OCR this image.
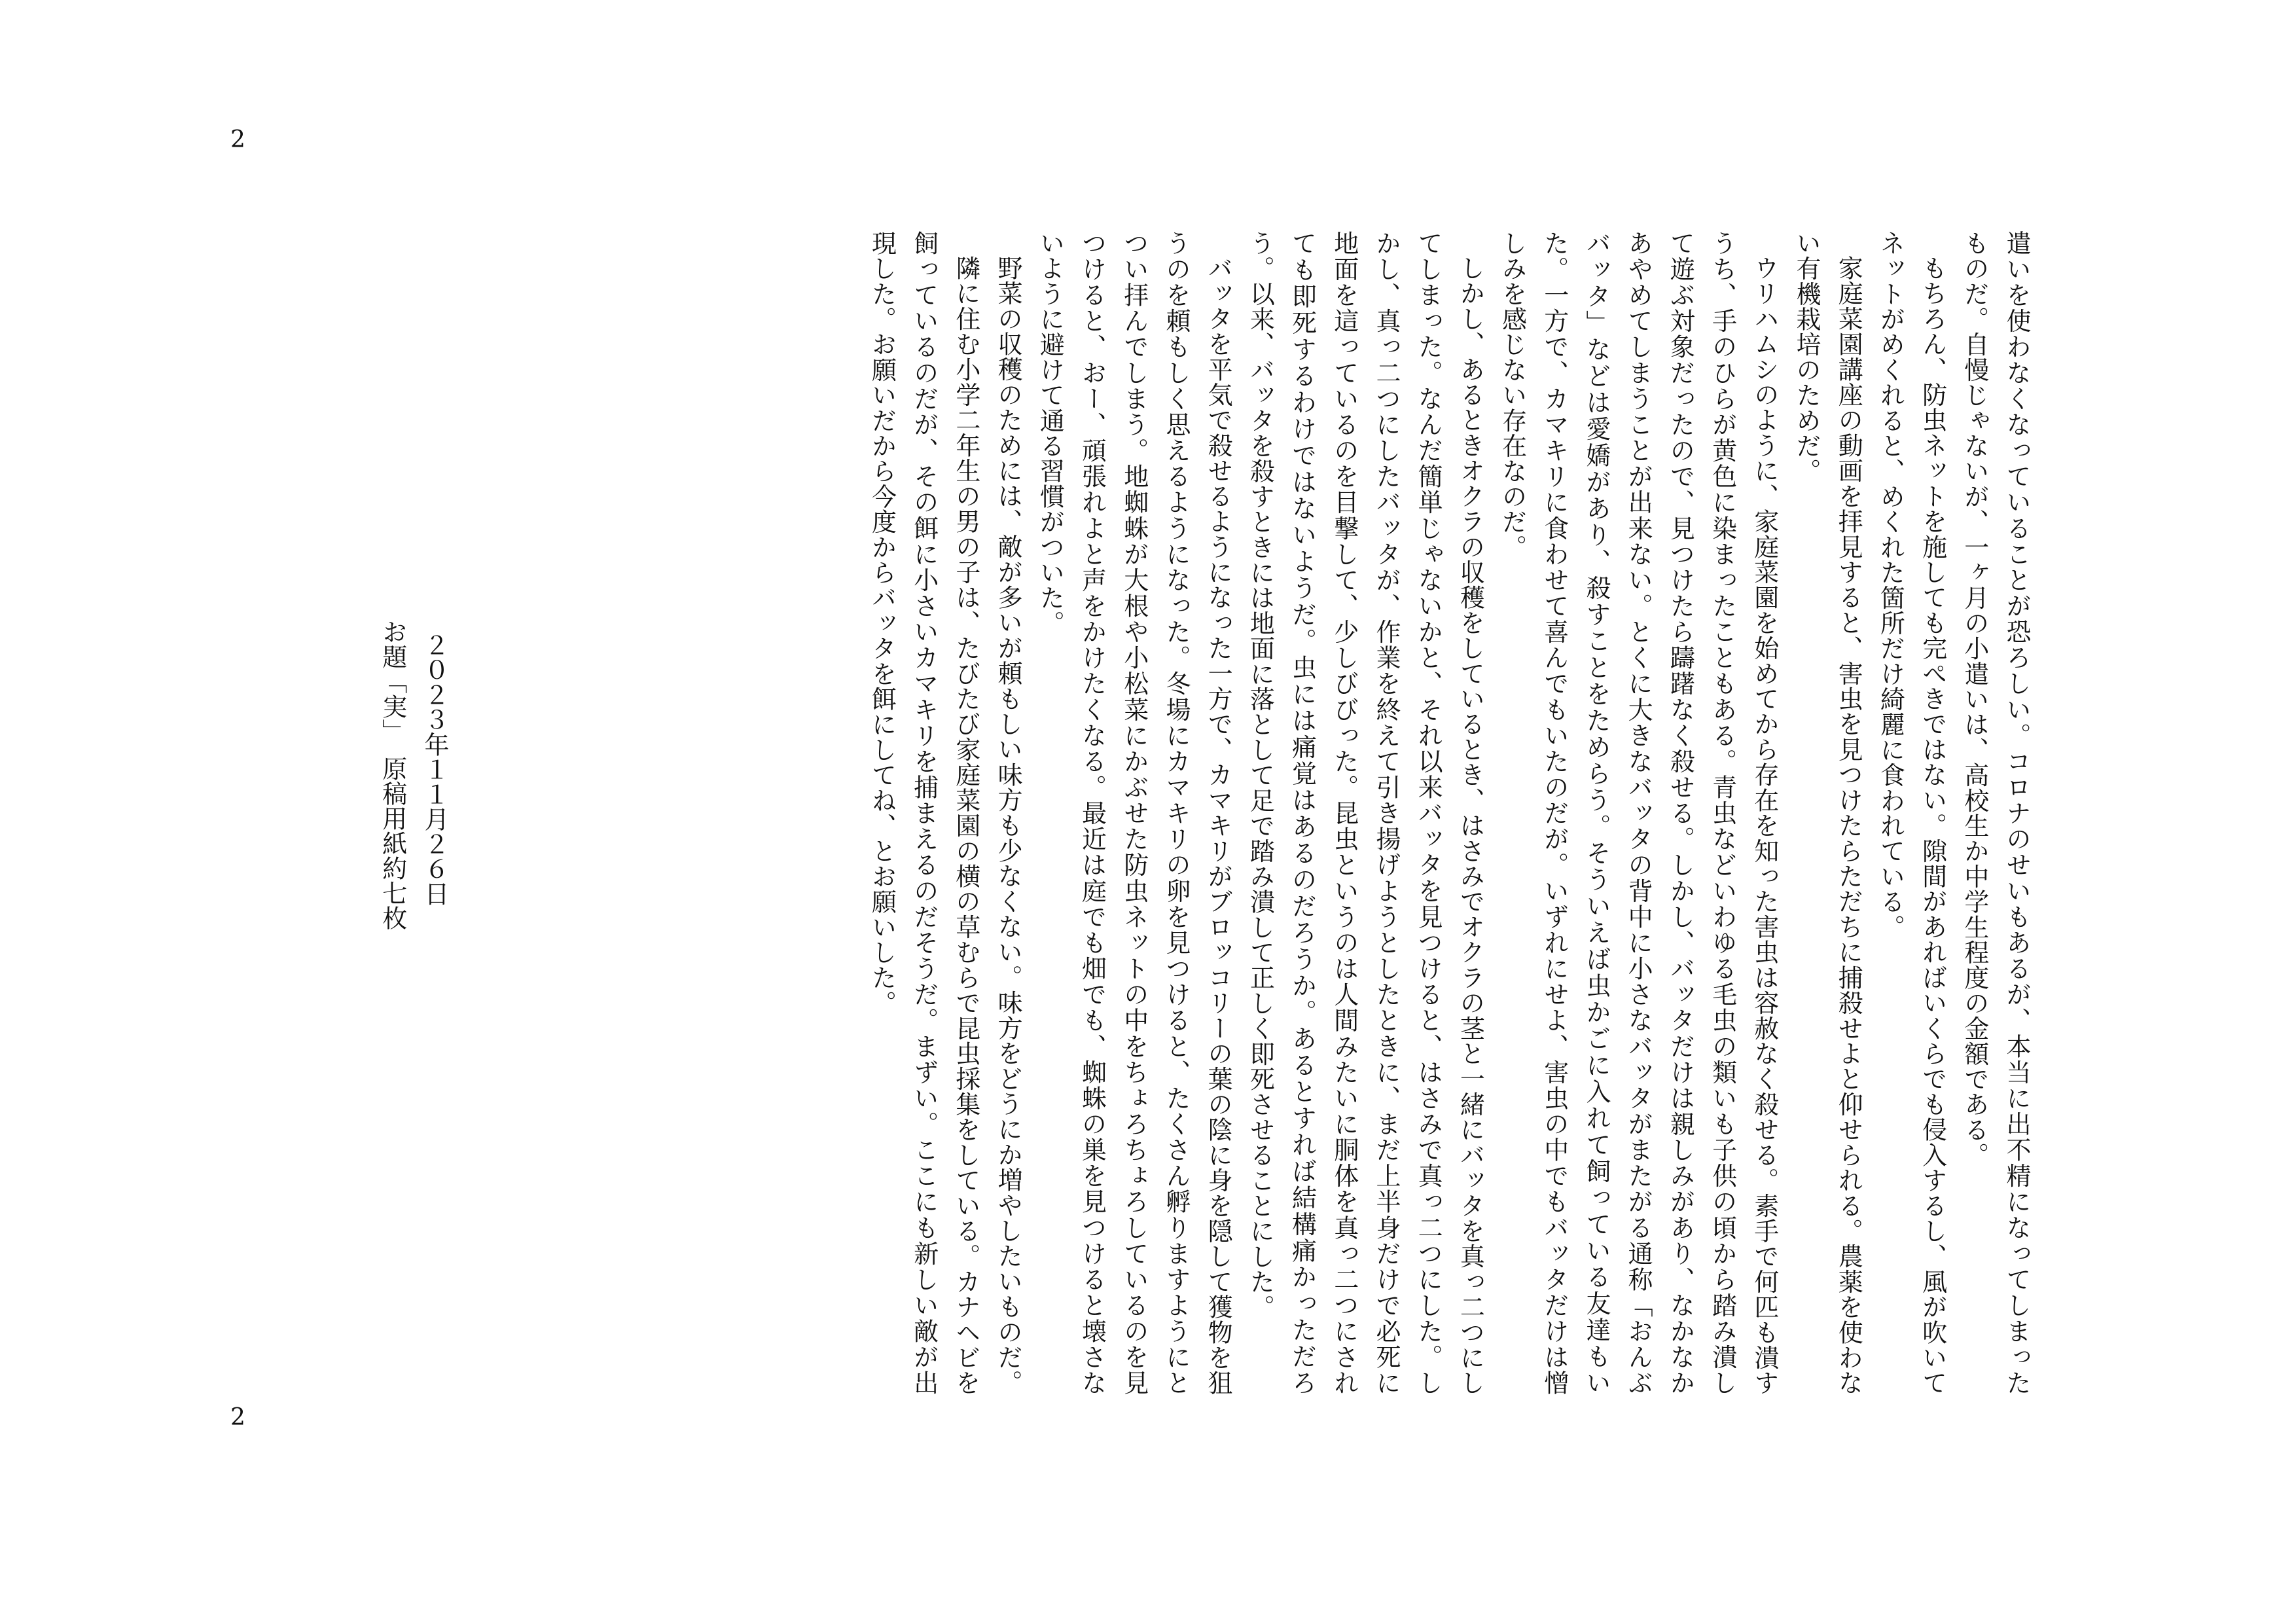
2

遣いを使わなくなっていることが恐ろしい。コロナのせいもあるが、本当に出不精になってしまったものだ。自慢じゃないが、一ヶ月の小遣いは、高校生か中学生程度の金額である。

もちろん、防虫ネットを施しても完ぺきではない。隙間があればいくらでも侵入するし、風が吹いてネットがめくれると、めくれた箇所だけ綺麗に食われている。

家庭菜園講座の動画を拝見すると、害虫を見つけたらただちに捕殺せよと仰せられる。農薬を使わない有機栽培のためだ。

ウリハムシのように、家庭菜園を始めてから存在を知った害虫は容赦なく殺せる。素手で何匹も潰すうち、手のひらが黄色に染まったこともある。青虫などいわゆる毛虫の類いも子供の頃から踏み潰して遊ぶ対象だったので、見つけたら躊躇なく殺せる。しかし、バッタだけは親しみがあり、なかなかあやめてしまうことが出来ない。とくに大きなバッタの背中に小さなバッタがまたがる通称「おんぶバッタ」などは愛嬌があり、殺すことをためらう。そういえば虫かごに入れて飼っている友達もいた。一方で、カマキリに食わせて喜んでもいたのだが。いずれにせよ、害虫の中でもバッタだけは憎しみを感じない存在なのだ。

しかし、あるときオクラの収穫をしているとき、はさみでオクラの茎と一緒にバッタを真っ二つにしてしまった。なんだ簡単じゃないかと、それ以来バッタを見つけると、はさみで真っ二つにした。しかし、真っ二つにしたバッタが、作業を終えて引き揚げようとしたときに、まだ上半身だけで必死に地面を這っているのを目撃して、少しびびった。昆虫というのは人間みたいに胴体を真っ二つにされても即死するわけではないようだ。虫には痛覚はあるのだろうか。あるとすれば結構痛かっただろう。以来、バッタを殺すときには地面に落として足で踏み潰して正しく即死させることにした。

バッタを平気で殺せるようになった一方で、カマキリがブロッコリーの葉の陰に身を隠して獲物を狙うのを頼もしく思えるようになった。冬場にカマキリの卵を見つけると、たくさん孵りますようにとつい拝んでしまう。地蜘蛛が大根や小松菜にかぶせた防虫ネットの中をちょろちょろしているのを見つけると、おー、頑張れよと声をかけたくなる。最近は庭でも畑でも、蜘蛛の巣を見つけると壊さないように避けて通る習慣がついた。

野菜の収穫のためには、敵が多いが頼もしい味方も少なくない。味方をどうにか増やしたいものだ。

隣に住む小学二年生の男の子は、たびたび家庭菜園の横の草むらで昆虫採集をしている。カナヘビを飼っているのだが、その餌に小さいカマキリを捕まえるのだそうだ。まずい。ここにも新しい敵が出現した。お願いだから今度からバッタを餌にしてね、とお願いした。

２０２３年１１月２６日
お題「実」　原稿用紙約七枚
2
